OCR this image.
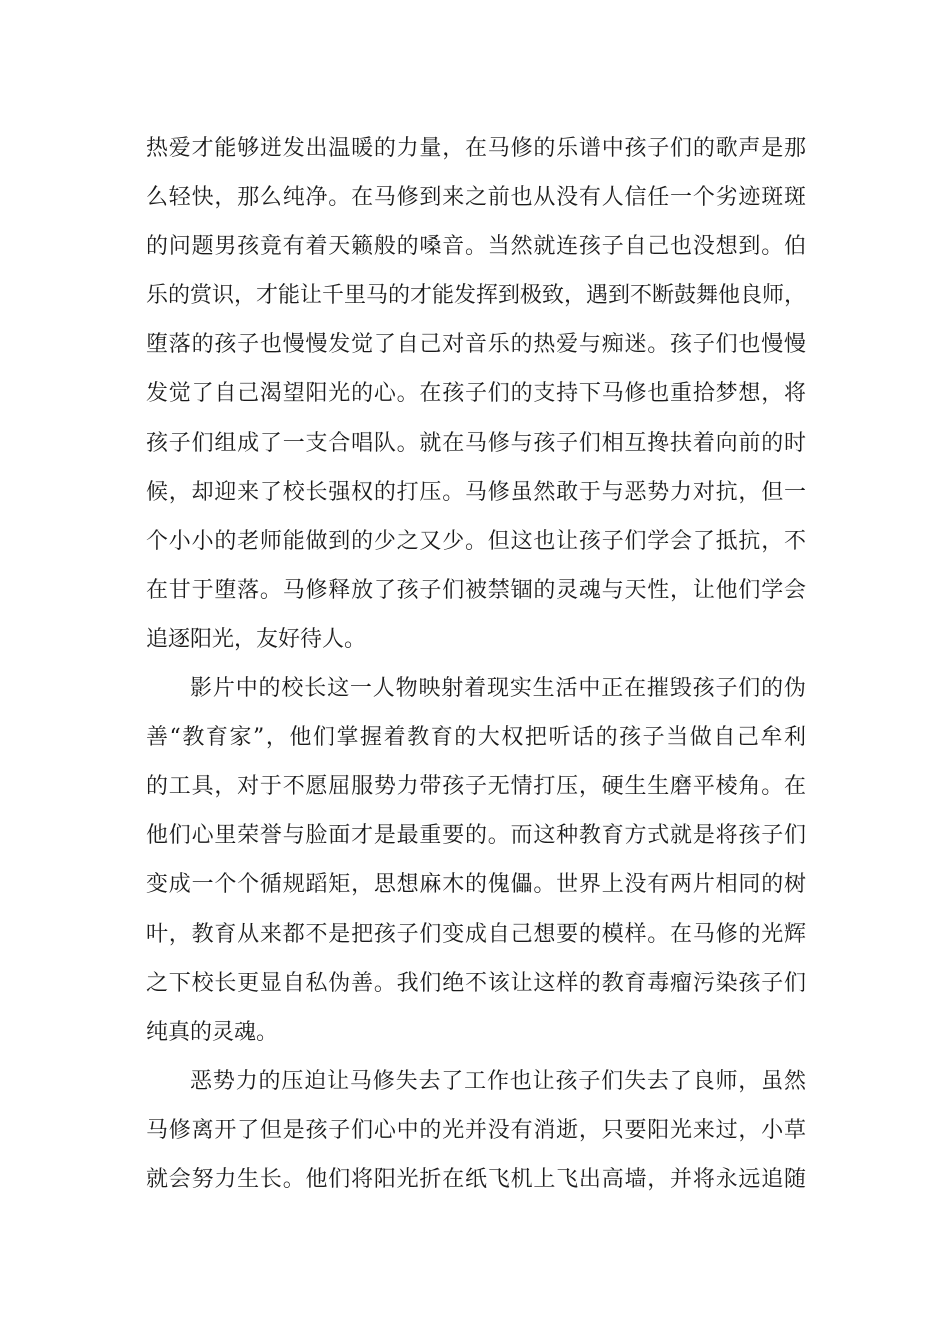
热爱才能够迸发出温暖的力量，在马修的乐谱中孩子们的歌声是那
么轻快，那么纯净。在马修到来之前也从没有人信任一个劣迹斑斑
的问题男孩竟有着天籁般的嗓音。当然就连孩子自己也没想到。伯
乐的赏识，才能让千里马的才能发挥到极致，遇到不断鼓舞他良师，
堕落的孩子也慢慢发觉了自己对音乐的热爱与痴迷。孩子们也慢慢
发觉了自己渴望阳光的心。在孩子们的支持下马修也重拾梦想，将
孩子们组成了一支合唱队。就在马修与孩子们相互搀扶着向前的时
候，却迎来了校长强权的打压。马修虽然敢于与恶势力对抗，但一
个小小的老师能做到的少之又少。但这也让孩子们学会了抵抗，不
在甘于堕落。马修释放了孩子们被禁锢的灵魂与天性，让他们学会
追逐阳光，友好待人。
影片中的校长这一人物映射着现实生活中正在摧毁孩子们的伪
善“教育家”，他们掌握着教育的大权把听话的孩子当做自己牟利
的工具，对于不愿屈服势力带孩子无情打压，硬生生磨平棱角。在
他们心里荣誉与脸面才是最重要的。而这种教育方式就是将孩子们
变成一个个循规蹈矩，思想麻木的傀儡。世界上没有两片相同的树
叶，教育从来都不是把孩子们变成自己想要的模样。在马修的光辉
之下校长更显自私伪善。我们绝不该让这样的教育毒瘤污染孩子们
纯真的灵魂。
恶势力的压迫让马修失去了工作也让孩子们失去了良师，虽然
马修离开了但是孩子们心中的光并没有消逝，只要阳光来过，小草
就会努力生长。他们将阳光折在纸飞机上飞出高墙，并将永远追随
